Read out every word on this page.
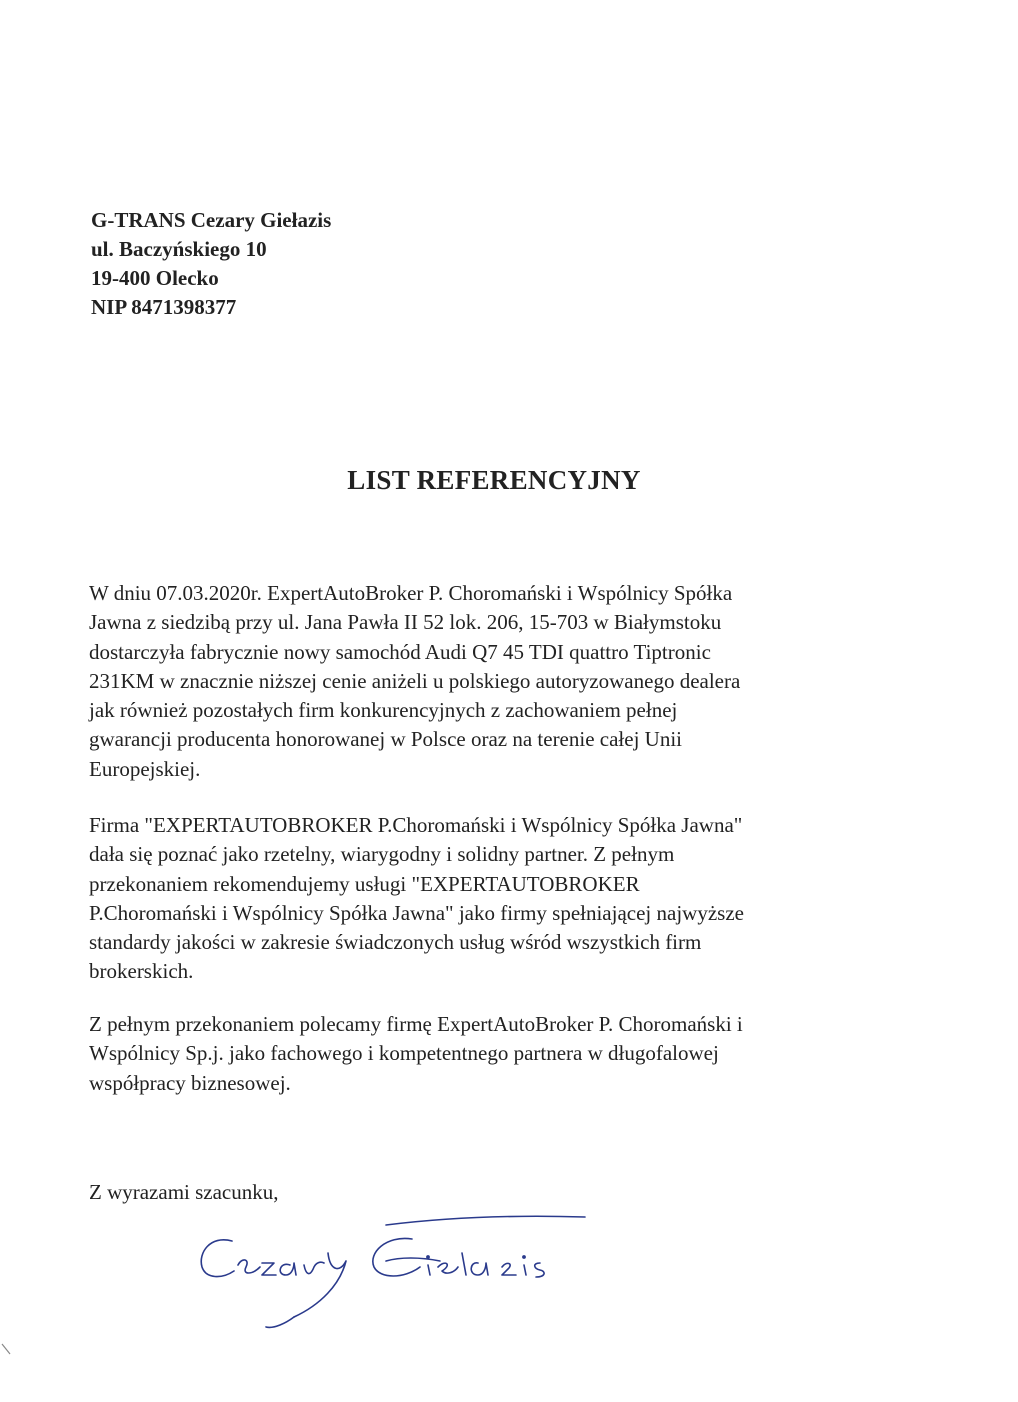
G-TRANS Cezary Giełazis
ul. Baczyńskiego 10
19-400 Olecko
NIP 8471398377
LIST REFERENCYJNY
W dniu 07.03.2020r. ExpertAutoBroker P. Choromański i Wspólnicy Spółka
Jawna z siedzibą przy ul. Jana Pawła II 52 lok. 206, 15-703 w Białymstoku
dostarczyła fabrycznie nowy samochód Audi Q7 45 TDI quattro Tiptronic
231KM w znacznie niższej cenie aniżeli u polskiego autoryzowanego dealera
jak również pozostałych firm konkurencyjnych z zachowaniem pełnej
gwarancji producenta honorowanej w Polsce oraz na terenie całej Unii
Europejskiej.
Firma "EXPERTAUTOBROKER P.Choromański i Wspólnicy Spółka Jawna"
dała się poznać jako rzetelny, wiarygodny i solidny partner. Z pełnym
przekonaniem rekomendujemy usługi "EXPERTAUTOBROKER
P.Choromański i Wspólnicy Spółka Jawna" jako firmy spełniającej najwyższe
standardy jakości w zakresie świadczonych usług wśród wszystkich firm
brokerskich.
Z pełnym przekonaniem polecamy firmę ExpertAutoBroker P. Choromański i
Wspólnicy Sp.j. jako fachowego i kompetentnego partnera w długofalowej
współpracy biznesowej.
Z wyrazami szacunku,
